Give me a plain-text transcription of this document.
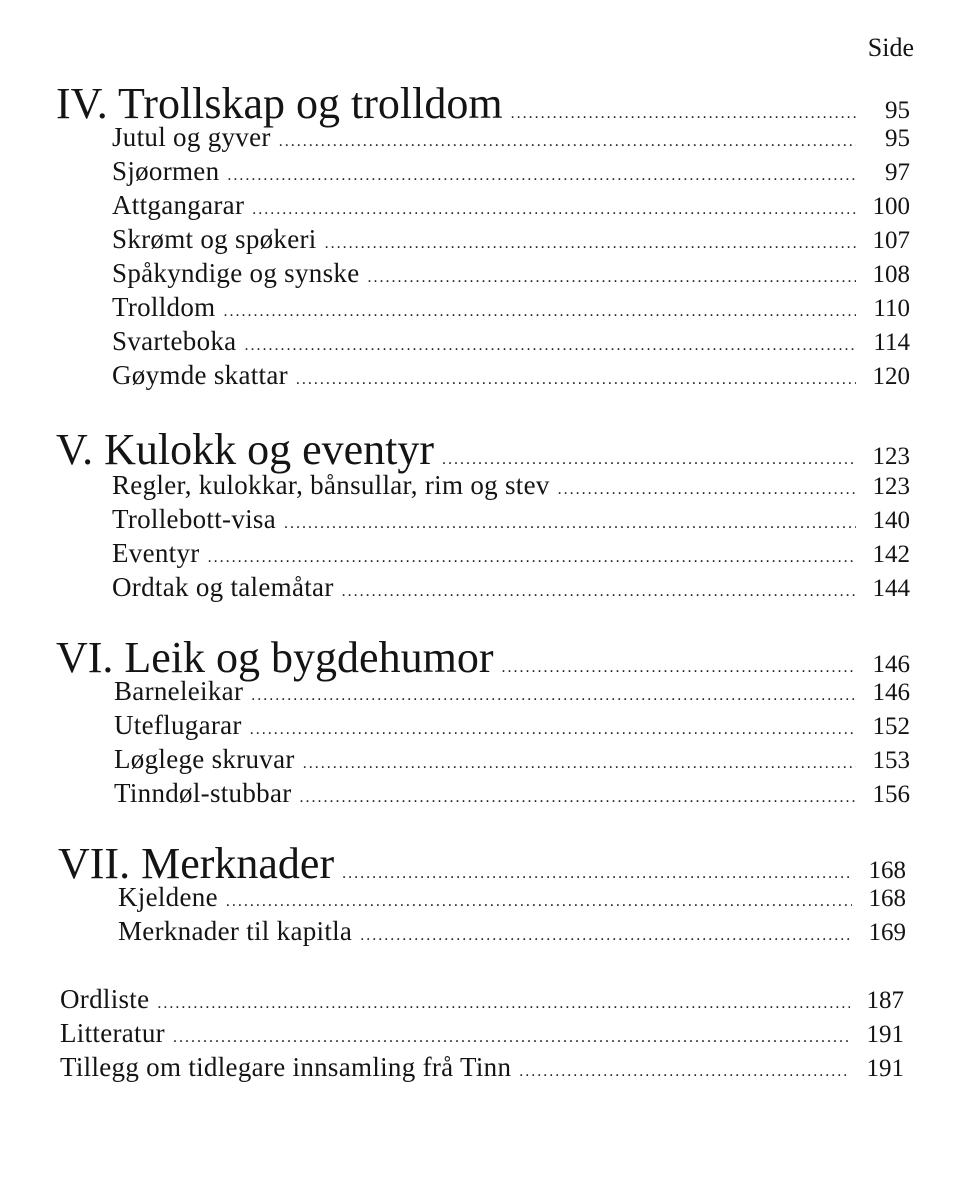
Side
IV. Trollskap og trolldom .....	95
Jutul og gyver .....	95
Sjøormen .....	97
Attgangarar .....	100
Skrømt og spøkeri .....	107
Spåkyndige og synske .....	108
Trolldom .....	110
Svarteboka .....	114
Gøymde skattar .....	120
V. Kulokk og eventyr .....	123
Regler, kulokkar, bånsullar, rim og stev .....	123
Trollebott-visa .....	140
Eventyr .....	142
Ordtak og talemåtar .....	144
VI. Leik og bygdehumor .....	146
Barneleikar .....	146
Uteflugarar .....	152
Løglege skruvar .....	153
Tinndøl-stubbar .....	156
VII. Merknader .....	168
Kjeldene .....	168
Merknader til kapitla .....	169
Ordliste .....	187
Litteratur .....	191
Tillegg om tidlegare innsamling frå Tinn .....	191
